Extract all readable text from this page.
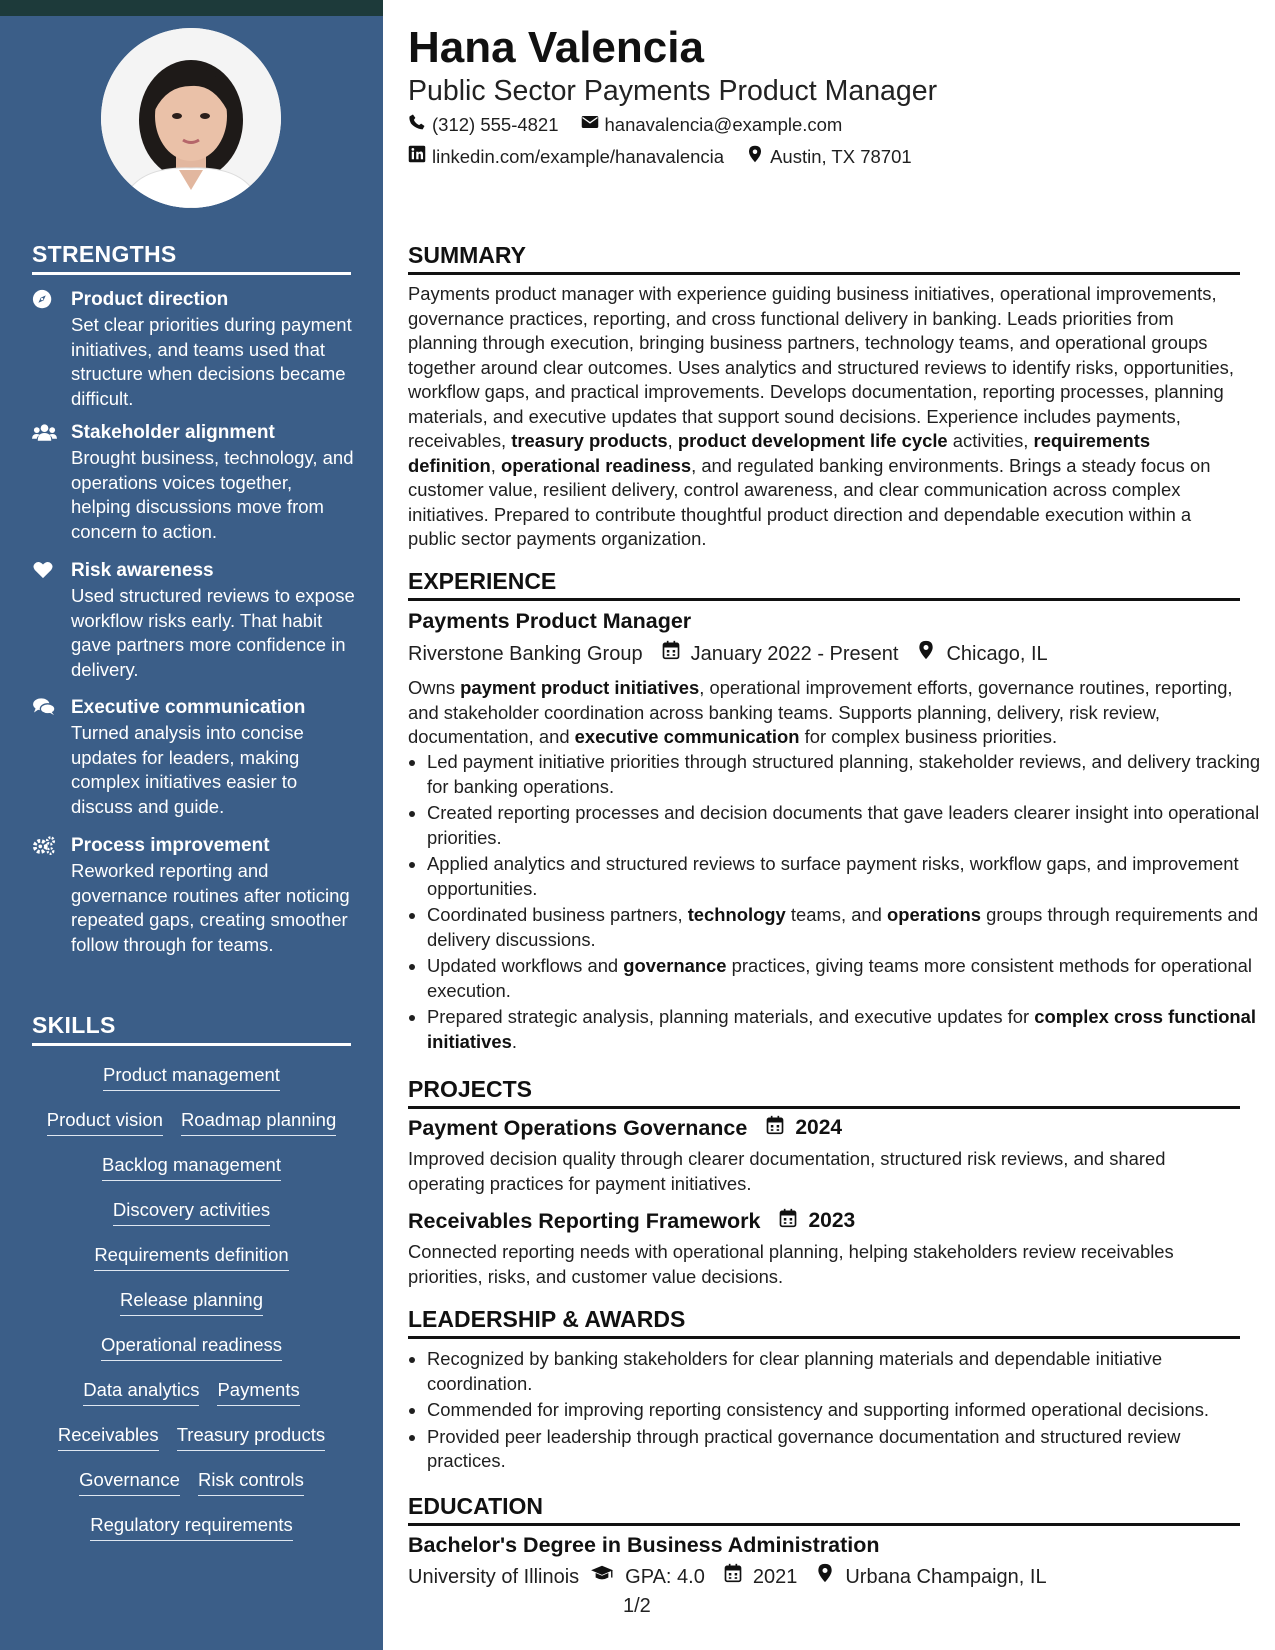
STRENGTHS
Product direction
Set clear priorities during payment initiatives, and teams used that structure when decisions became difficult.
Stakeholder alignment
Brought business, technology, and operations voices together, helping discussions move from concern to action.
Risk awareness
Used structured reviews to expose workflow risks early. That habit gave partners more confidence in delivery.
Executive communication
Turned analysis into concise updates for leaders, making complex initiatives easier to discuss and guide.
Process improvement
Reworked reporting and governance routines after noticing repeated gaps, creating smoother follow through for teams.
SKILLS
Product management
Product vision Roadmap planning
Backlog management
Discovery activities
Requirements definition
Release planning
Operational readiness
Data analytics Payments
Receivables Treasury products
Governance Risk controls
Regulatory requirements
Hana Valencia
Public Sector Payments Product Manager
(312) 555-4821 hanavalencia@example.com
linkedin.com/example/hanavalencia Austin, TX 78701
SUMMARY
Payments product manager with experience guiding business initiatives, operational improvements, governance practices, reporting, and cross functional delivery in banking. Leads priorities from planning through execution, bringing business partners, technology teams, and operational groups together around clear outcomes. Uses analytics and structured reviews to identify risks, opportunities, workflow gaps, and practical improvements. Develops documentation, reporting processes, planning materials, and executive updates that support sound decisions. Experience includes payments, receivables, treasury products, product development life cycle activities, requirements definition, operational readiness, and regulated banking environments. Brings a steady focus on customer value, resilient delivery, control awareness, and clear communication across complex initiatives. Prepared to contribute thoughtful product direction and dependable execution within a public sector payments organization.
EXPERIENCE
Payments Product Manager
Riverstone Banking Group January 2022 - Present Chicago, IL
Owns payment product initiatives, operational improvement efforts, governance routines, reporting, and stakeholder coordination across banking teams. Supports planning, delivery, risk review, documentation, and executive communication for complex business priorities.
• Led payment initiative priorities through structured planning, stakeholder reviews, and delivery tracking for banking operations.
• Created reporting processes and decision documents that gave leaders clearer insight into operational priorities.
• Applied analytics and structured reviews to surface payment risks, workflow gaps, and improvement opportunities.
• Coordinated business partners, technology teams, and operations groups through requirements and delivery discussions.
• Updated workflows and governance practices, giving teams more consistent methods for operational execution.
• Prepared strategic analysis, planning materials, and executive updates for complex cross functional initiatives.
PROJECTS
Payment Operations Governance 2024
Improved decision quality through clearer documentation, structured risk reviews, and shared operating practices for payment initiatives.
Receivables Reporting Framework 2023
Connected reporting needs with operational planning, helping stakeholders review receivables priorities, risks, and customer value decisions.
LEADERSHIP & AWARDS
• Recognized by banking stakeholders for clear planning materials and dependable initiative coordination.
• Commended for improving reporting consistency and supporting informed operational decisions.
• Provided peer leadership through practical governance documentation and structured review practices.
EDUCATION
Bachelor's Degree in Business Administration
University of Illinois GPA: 4.0 2021 Urbana Champaign, IL
1/2
